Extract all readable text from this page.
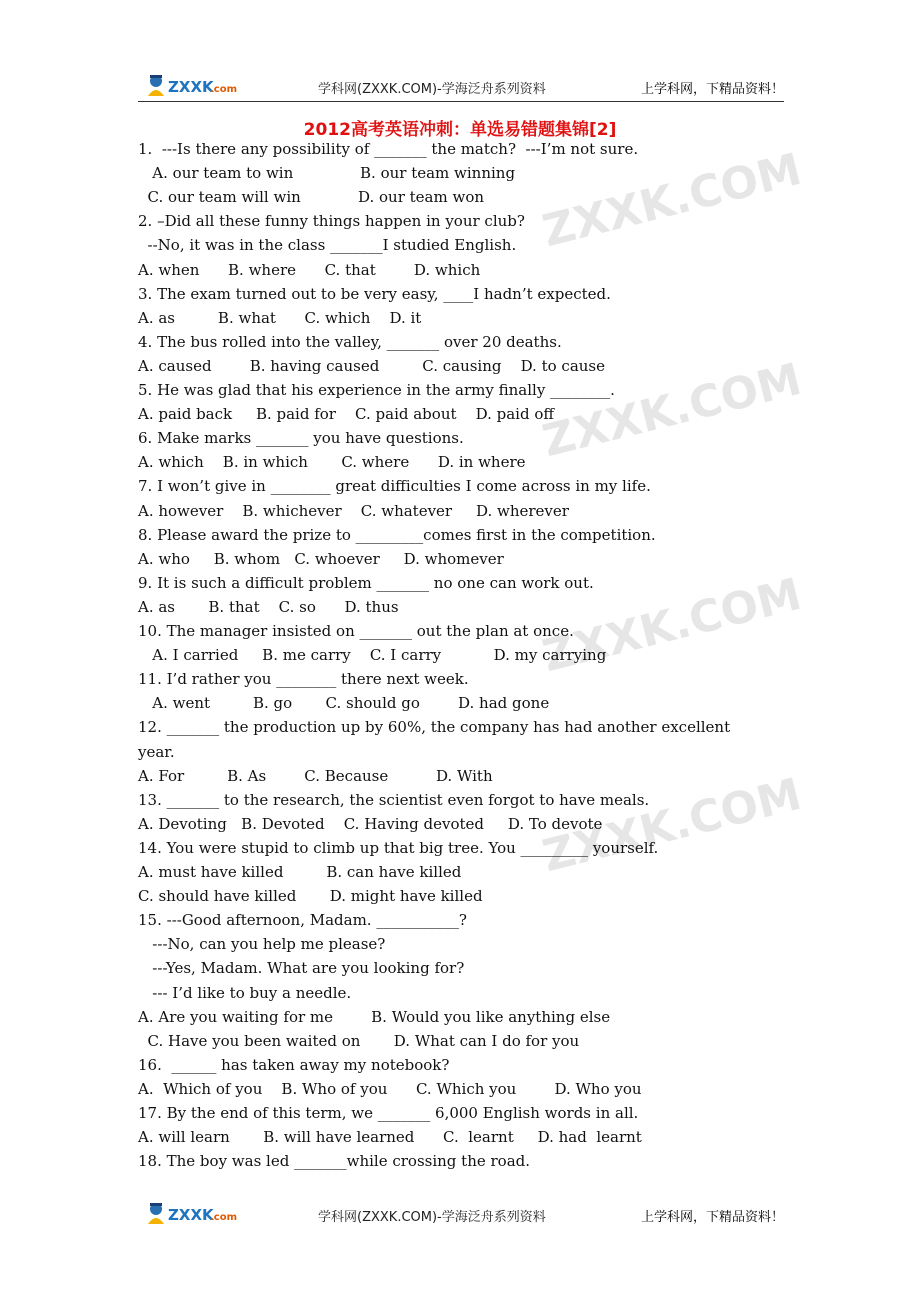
ZXXK.COM
ZXXK.COM
ZXXK.COM
ZXXK.COM
ZXXK
.com	学科网(ZXXK.COM)-学海泛舟系列资料	上学科网，下精品资料！
2012高考英语冲刺：单选易错题集锦[2]
1.  ---Is there any possibility of _______ the match?  ---I’m not sure.
A. our team to win              B. our team winning
C. our team will win            D. our team won
2. –Did all these funny things happen in your club?
--No, it was in the class _______I studied English.
A. when      B. where      C. that        D. which
3. The exam turned out to be very easy, ____I hadn’t expected.
A. as         B. what      C. which    D. it
4. The bus rolled into the valley, _______ over 20 deaths.
A. caused        B. having caused         C. causing    D. to cause
5. He was glad that his experience in the army finally ________.
A. paid back     B. paid for    C. paid about    D. paid off
6. Make marks _______ you have questions.
A. which    B. in which       C. where      D. in where
7. I won’t give in ________ great difficulties I come across in my life.
A. however    B. whichever    C. whatever     D. wherever
8. Please award the prize to _________comes first in the competition.
A. who     B. whom   C. whoever     D. whomever
9. It is such a difficult problem _______ no one can work out.
A. as       B. that    C. so      D. thus
10. The manager insisted on _______ out the plan at once.
A. I carried     B. me carry    C. I carry           D. my carrying
11. I’d rather you ________ there next week.
A. went         B. go       C. should go        D. had gone
12. _______ the production up by 60%, the company has had another excellent
year.
A. For         B. As        C. Because          D. With
13. _______ to the research, the scientist even forgot to have meals.
A. Devoting   B. Devoted    C. Having devoted     D. To devote
14. You were stupid to climb up that big tree. You _________ yourself.
A. must have killed         B. can have killed
C. should have killed       D. might have killed
15. ---Good afternoon, Madam. ___________?
---No, can you help me please?
---Yes, Madam. What are you looking for?
--- I’d like to buy a needle.
A. Are you waiting for me        B. Would you like anything else
C. Have you been waited on       D. What can I do for you
16.  ______ has taken away my notebook?
A.  Which of you    B. Who of you      C. Which you        D. Who you
17. By the end of this term, we _______ 6,000 English words in all.
A. will learn       B. will have learned      C.  learnt     D. had  learnt
18. The boy was led _______while crossing the road.
ZXXK
.com	学科网(ZXXK.COM)-学海泛舟系列资料	上学科网，下精品资料！
